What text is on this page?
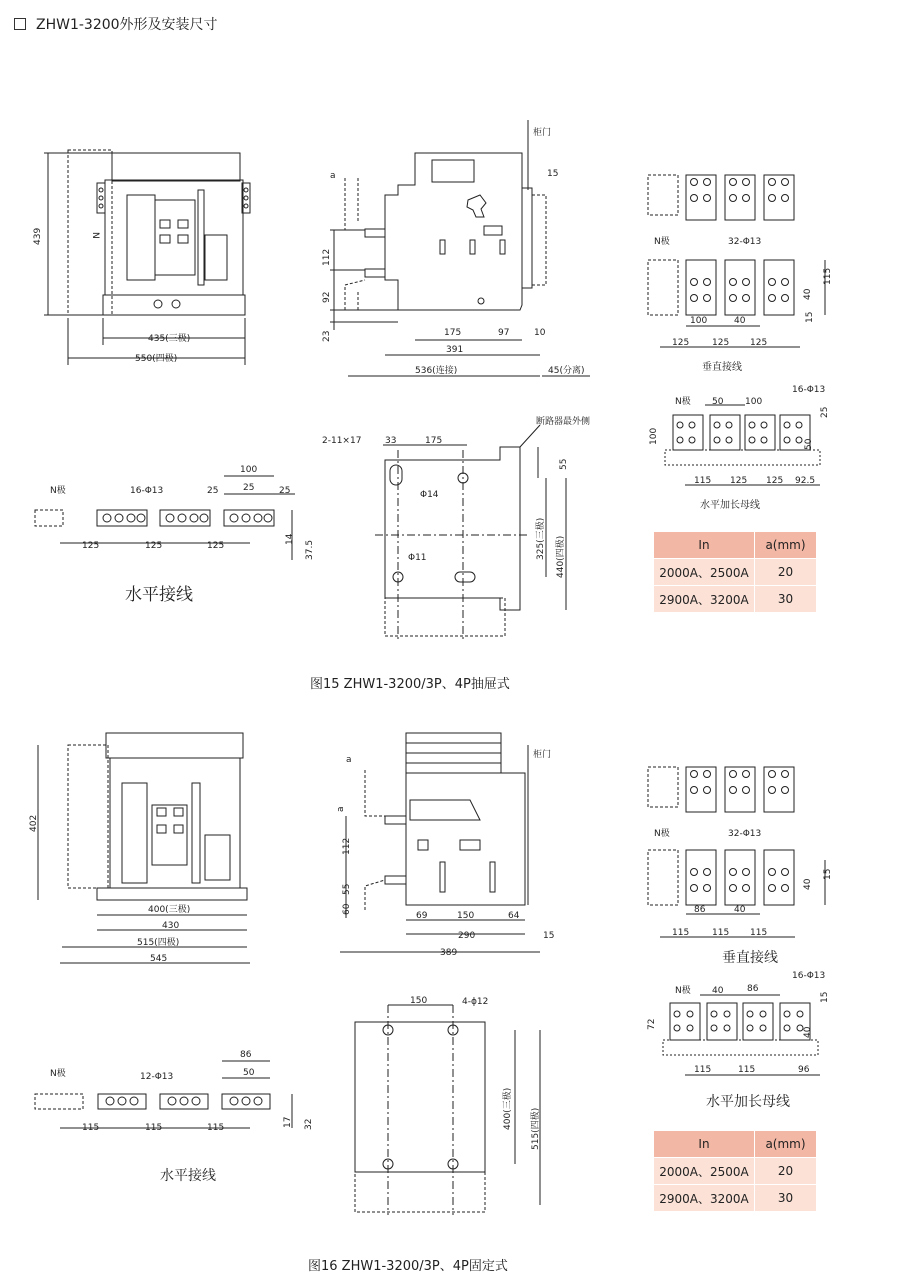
ZHW1-3200外形及安装尺寸
439	N
435(三极)
550(四极)
柜门
a
112
92
23
15
175	97	10
391
536(连接)	45(分离)
断路器最外侧
2-11×17	33	175
55
Φ14
Φ11	325(三极) 440(四极)
N极	16-Φ13
100
25	25	25
125	125	125
14
37.5
N极	32-Φ13
100	40
40
115
15
125	125 125
N极 50 100
16-Φ13
100
25
50
115 125 125 92.5
402
400(三极)
430
515(四极)
545
柜门
a
a
112
55
60
69	150	64
290	15
389
150	4-ϕ12
400(三极) 515(四极)
N极	12-Φ13
86
50
115	115	115	17 32
N极	32-Φ13
86	40
40
15
115	115 115
N极 40	86
16-Φ13
72
15
40
115	115	96
水平接线
垂直接线
水平加长母线
水平接线
垂直接线
水平加长母线
In	a(mm)
2000A、2500A	20
2900A、3200A	30
In	a(mm)
2000A、2500A	20
2900A、3200A	30
图15 ZHW1-3200/3P、4P抽屉式
图16 ZHW1-3200/3P、4P固定式
